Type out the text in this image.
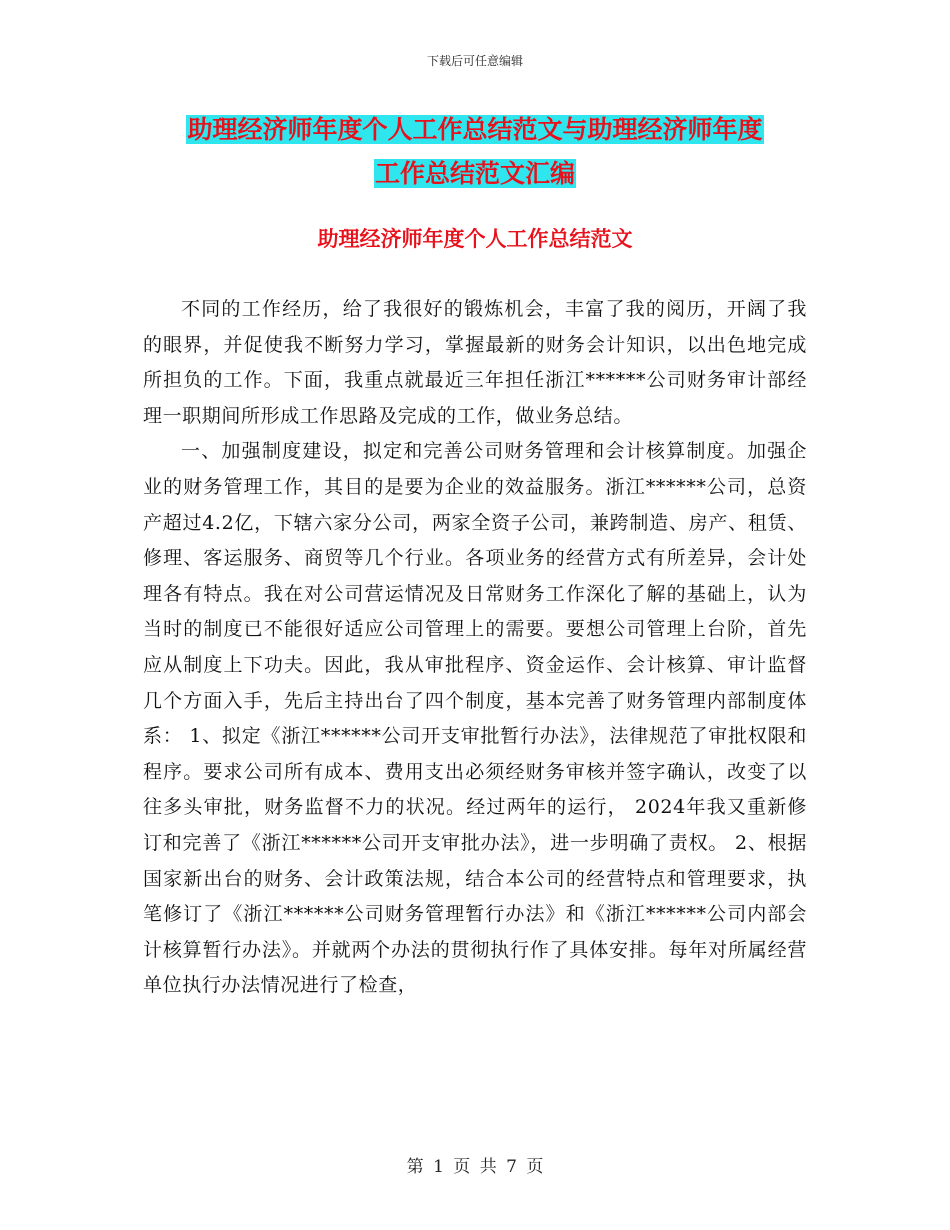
下载后可任意编辑
助理经济师年度个人工作总结范文与助理经济师年度
工作总结范文汇编
助理经济师年度个人工作总结范文

不同的工作经历，给了我很好的锻炼机会，丰富了我的阅历，开阔了我的眼界，并促使我不断努力学习，掌握最新的财务会计知识，以出色地完成所担负的工作。下面，我重点就最近三年担任浙江******公司财务审计部经理一职期间所形成工作思路及完成的工作，做业务总结。

一、加强制度建设，拟定和完善公司财务管理和会计核算制度。加强企业的财务管理工作，其目的是要为企业的效益服务。浙江******公司，总资产超过4.2亿，下辖六家分公司，两家全资子公司，兼跨制造、房产、租赁、修理、客运服务、商贸等几个行业。各项业务的经营方式有所差异，会计处理各有特点。我在对公司营运情况及日常财务工作深化了解的基础上，认为当时的制度已不能很好适应公司管理上的需要。要想公司管理上台阶，首先应从制度上下功夫。因此，我从审批程序、资金运作、会计核算、审计监督几个方面入手，先后主持出台了四个制度，基本完善了财务管理内部制度体系： 1、拟定《浙江******公司开支审批暂行办法》，法律规范了审批权限和程序。要求公司所有成本、费用支出必须经财务审核并签字确认，改变了以往多头审批，财务监督不力的状况。经过两年的运行， 2024年我又重新修订和完善了《浙江******公司开支审批办法》，进一步明确了责权。 2、根据国家新出台的财务、会计政策法规，结合本公司的经营特点和管理要求，执笔修订了《浙江******公司财务管理暂行办法》和《浙江******公司内部会计核算暂行办法》。并就两个办法的贯彻执行作了具体安排。每年对所属经营单位执行办法情况进行了检查，

第 1 页 共 7 页
